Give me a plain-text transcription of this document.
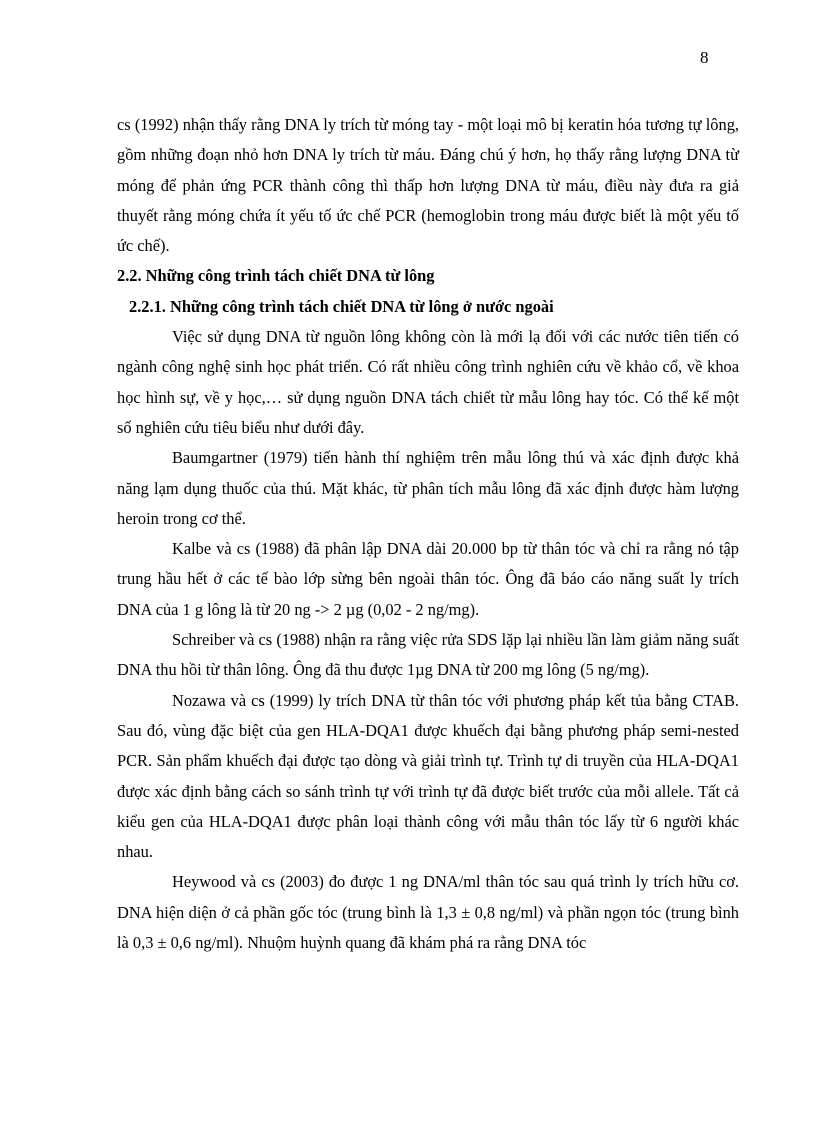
8

cs (1992) nhận thấy rằng DNA ly trích từ móng tay - một loại mô bị keratin hóa tương tự lông, gồm những đoạn nhỏ hơn DNA ly trích từ máu. Đáng chú ý hơn, họ thấy rằng lượng DNA từ móng để phản ứng PCR thành công thì thấp hơn lượng DNA từ máu, điều này đưa ra giả thuyết rằng móng chứa ít yếu tố ức chế PCR (hemoglobin trong máu được biết là một yếu tố ức chế).

2.2. Những công trình tách chiết DNA từ lông

2.2.1. Những công trình tách chiết DNA từ lông ở nước ngoài

Việc sử dụng DNA từ nguồn lông không còn là mới lạ đối với các nước tiên tiến có ngành công nghệ sinh học phát triển. Có rất nhiều công trình nghiên cứu về khảo cổ, về khoa học hình sự, về y học,… sử dụng nguồn DNA tách chiết từ mẫu lông hay tóc. Có thể kể một số nghiên cứu tiêu biểu như dưới đây.

Baumgartner (1979) tiến hành thí nghiệm trên mẫu lông thú và xác định được khả năng lạm dụng thuốc của thú. Mặt khác, từ phân tích mẫu lông đã xác định được hàm lượng heroin trong cơ thể.

Kalbe và cs (1988) đã phân lập DNA dài 20.000 bp từ thân tóc và chỉ ra rằng nó tập trung hầu hết ở các tế bào lớp sừng bên ngoài thân tóc. Ông đã báo cáo năng suất ly trích DNA của 1 g lông là từ 20 ng -> 2 µg (0,02 - 2 ng/mg).

Schreiber và cs (1988) nhận ra rằng việc rửa SDS lặp lại nhiều lần làm giảm năng suất DNA thu hồi từ thân lông. Ông đã thu được 1µg DNA từ 200 mg lông (5 ng/mg).

Nozawa và cs (1999) ly trích DNA từ thân tóc với phương pháp kết tủa bằng CTAB. Sau đó, vùng đặc biệt của gen HLA-DQA1 được khuếch đại bằng phương pháp semi-nested PCR. Sản phẩm khuếch đại được tạo dòng và giải trình tự. Trình tự di truyền của HLA-DQA1 được xác định bằng cách so sánh trình tự với trình tự đã được biết trước của mỗi allele. Tất cả kiểu gen của HLA-DQA1 được phân loại thành công với mẫu thân tóc lấy từ 6 người khác nhau.

Heywood và cs (2003) đo được 1 ng DNA/ml thân tóc sau quá trình ly trích hữu cơ. DNA hiện diện ở cả phần gốc tóc (trung bình là 1,3 ± 0,8 ng/ml) và phần ngọn tóc (trung bình là 0,3 ± 0,6 ng/ml). Nhuộm huỳnh quang đã khám phá ra rằng DNA tóc
